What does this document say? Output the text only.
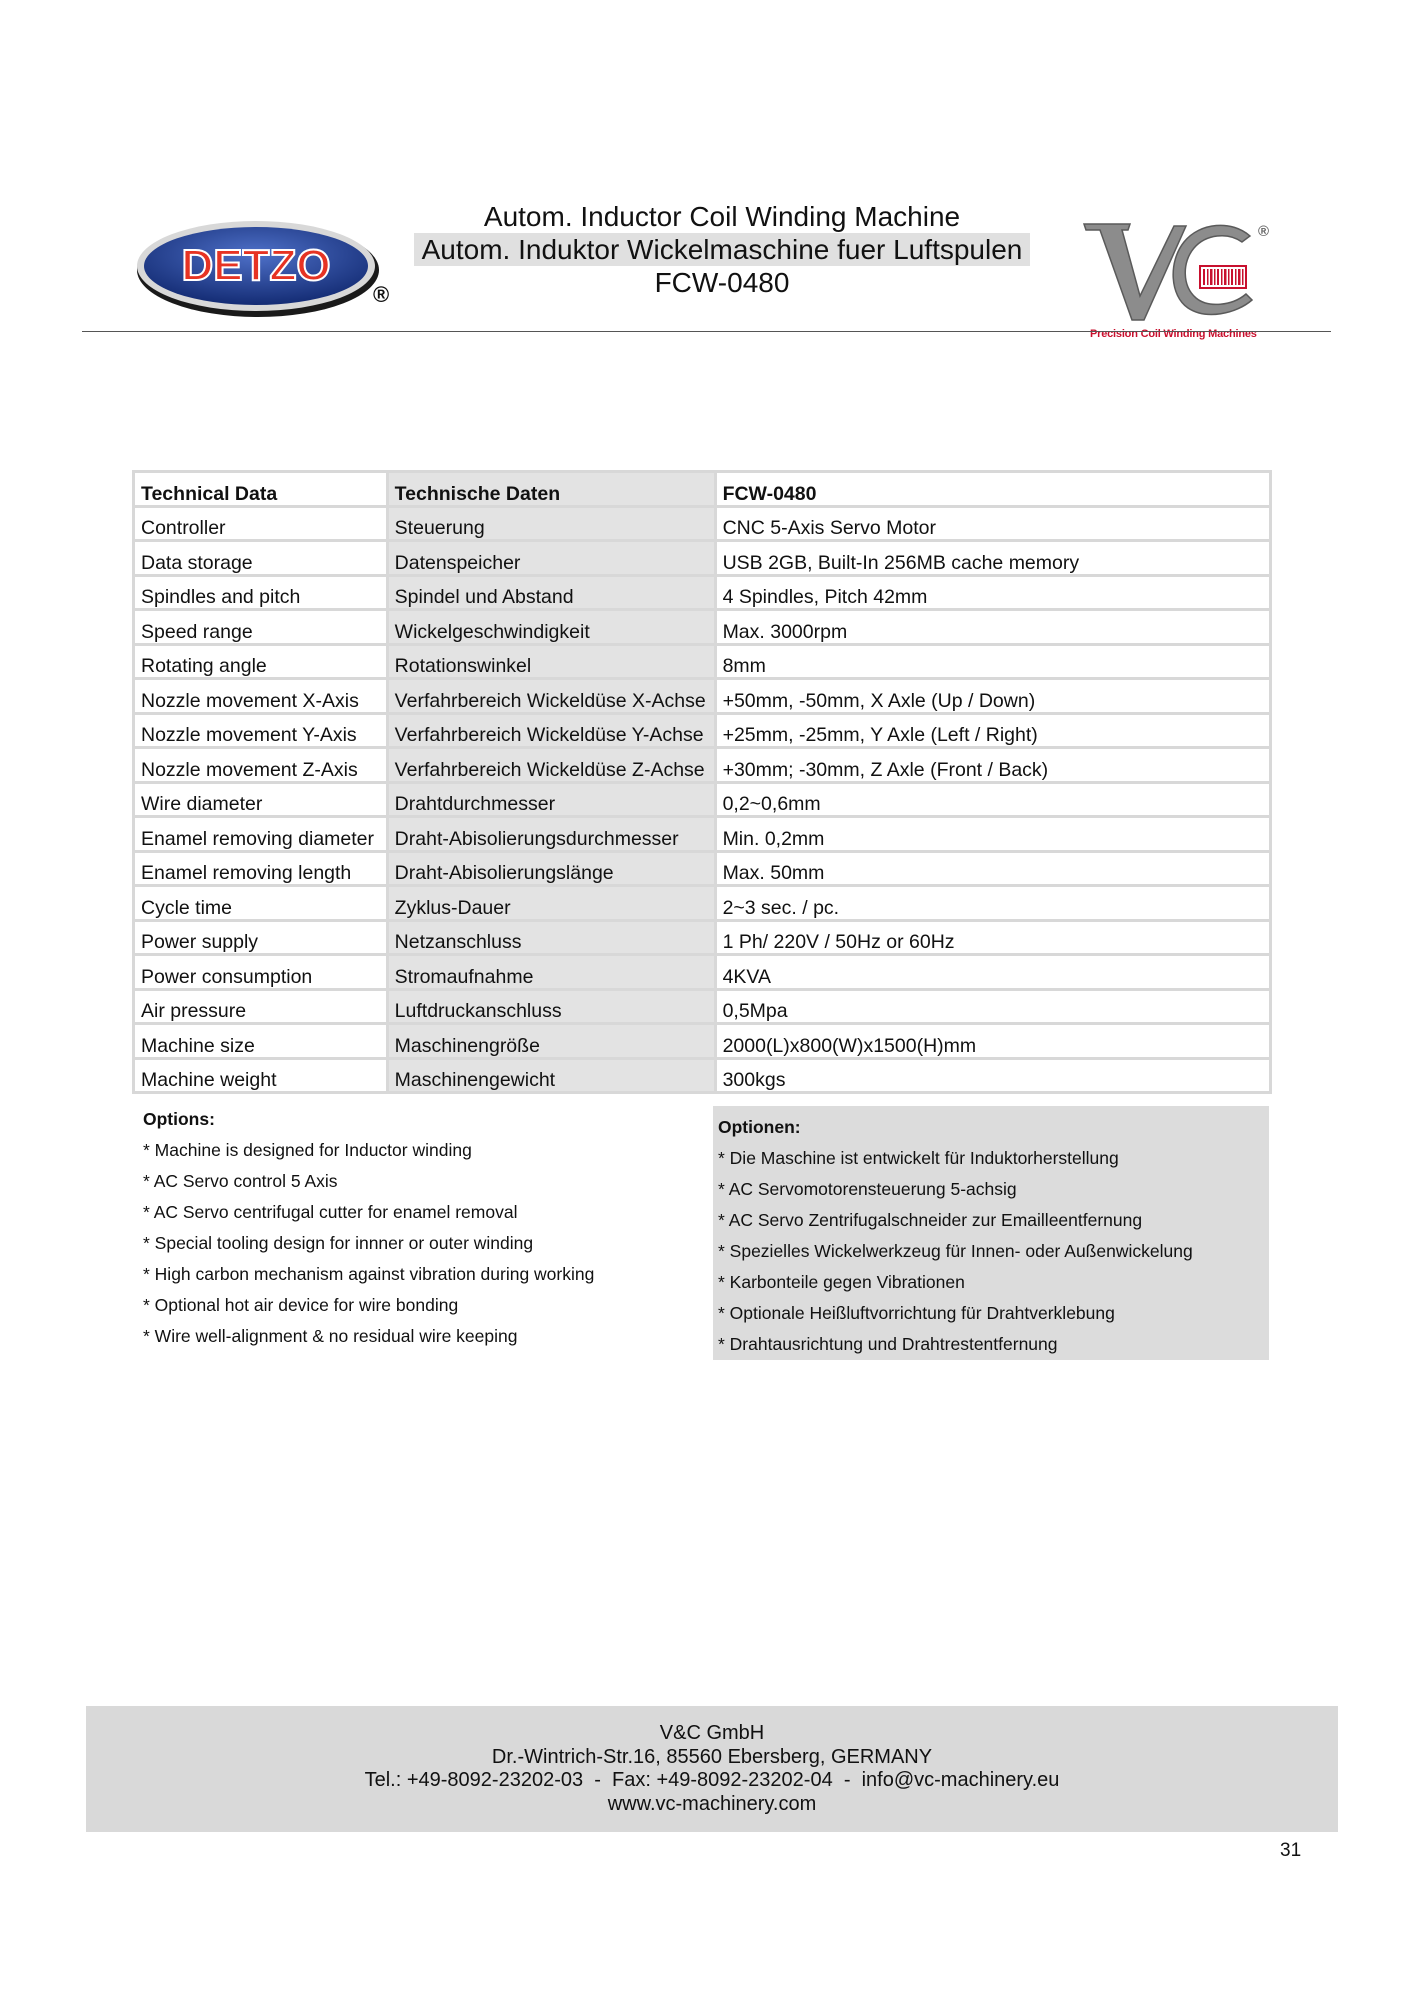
DETZO
®
Autom. Inductor Coil Winding Machine
Autom. Induktor Wickelmaschine fuer Luftspulen
FCW-0480
®
Precision Coil Winding Machines
Technical Data	Technische Daten	FCW-0480
Controller	Steuerung	CNC 5-Axis Servo Motor
Data storage	Datenspeicher	USB 2GB, Built-In 256MB cache memory
Spindles and pitch	Spindel und Abstand	4 Spindles, Pitch 42mm
Speed range	Wickelgeschwindigkeit	Max. 3000rpm
Rotating angle	Rotationswinkel	8mm
Nozzle movement X-Axis	Verfahrbereich Wickeldüse X-Achse	+50mm, -50mm, X Axle (Up / Down)
Nozzle movement Y-Axis	Verfahrbereich Wickeldüse Y-Achse	+25mm, -25mm, Y Axle (Left / Right)
Nozzle movement Z-Axis	Verfahrbereich Wickeldüse Z-Achse	+30mm; -30mm, Z Axle (Front / Back)
Wire diameter	Drahtdurchmesser	0,2~0,6mm
Enamel removing diameter	Draht-Abisolierungsdurchmesser	Min. 0,2mm
Enamel removing length	Draht-Abisolierungslänge	Max. 50mm
Cycle time	Zyklus-Dauer	2~3 sec. / pc.
Power supply	Netzanschluss	1 Ph/ 220V / 50Hz or 60Hz
Power consumption	Stromaufnahme	4KVA
Air pressure	Luftdruckanschluss	0,5Mpa
Machine size	Maschinengröße	2000(L)x800(W)x1500(H)mm
Machine weight	Maschinengewicht	300kgs
Options:
* Machine is designed for Inductor winding
* AC Servo control 5 Axis
* AC Servo centrifugal cutter for enamel removal
* Special tooling design for innner or outer winding
* High carbon mechanism against vibration during working
* Optional hot air device for wire bonding
* Wire well-alignment & no residual wire keeping
Optionen:
* Die Maschine ist entwickelt für Induktorherstellung
* AC Servomotorensteuerung 5-achsig
* AC Servo Zentrifugalschneider zur Emailleentfernung
* Spezielles Wickelwerkzeug für Innen- oder Außenwickelung
* Karbonteile gegen Vibrationen
* Optionale Heißluftvorrichtung für Drahtverklebung
* Drahtausrichtung und Drahtrestentfernung
V&C GmbH
Dr.-Wintrich-Str.16, 85560 Ebersberg, GERMANY
Tel.: +49-8092-23202-03  -  Fax: +49-8092-23202-04  -  info@vc-machinery.eu
www.vc-machinery.com
31
